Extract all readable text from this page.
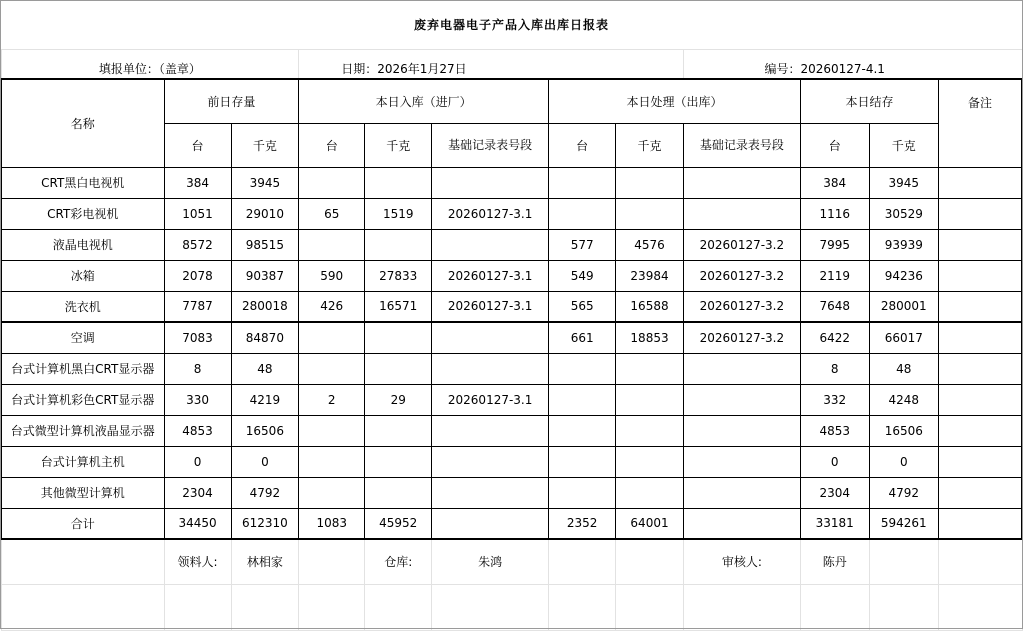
废弃电器电子产品入库出库日报表											
填报单位：（盖章）			日期：2026年1月27日					编号：20260127-4.1			
名称	前日存量		本日入库（进厂）			本日处理（出库）			本日结存		备注
	台	千克	台	千克	基础记录表号段	台	千克	基础记录表号段	台	千克	
CRT黑白电视机	384	3945							384	3945	
CRT彩电视机	1051	29010	65	1519	20260127-3.1				1116	30529	
液晶电视机	8572	98515				577	4576	20260127-3.2	7995	93939	
冰箱	2078	90387	590	27833	20260127-3.1	549	23984	20260127-3.2	2119	94236	
洗衣机	7787	280018	426	16571	20260127-3.1	565	16588	20260127-3.2	7648	280001	
空调	7083	84870				661	18853	20260127-3.2	6422	66017	
台式计算机黑白CRT显示器	8	48							8	48	
台式计算机彩色CRT显示器	330	4219	2	29	20260127-3.1				332	4248	
台式微型计算机液晶显示器	4853	16506							4853	16506	
台式计算机主机	0	0							0	0	
其他微型计算机	2304	4792							2304	4792	
合计	34450	612310	1083	45952		2352	64001		33181	594261	
	领料人:	林相家		仓库:	朱鸿			审核人:	陈丹		
